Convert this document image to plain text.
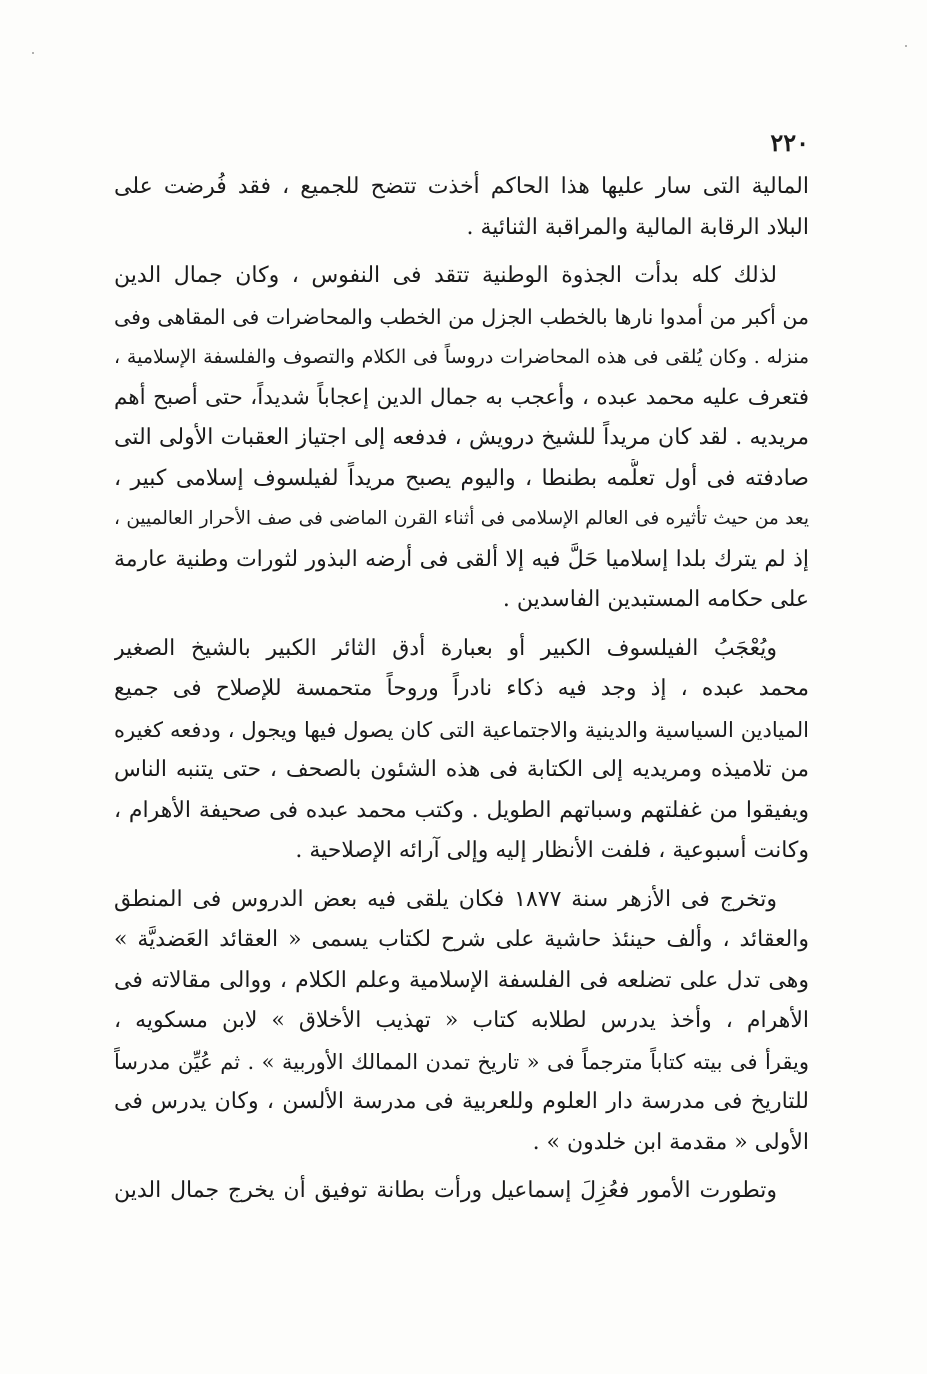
٢٢٠

المالية التى سار عليها هذا الحاكم أخذت تتضح للجميع ، فقد فُرضت على
البلاد الرقابة المالية والمراقبة الثنائية .
لذلك كله بدأت الجذوة الوطنية تتقد فى النفوس ، وكان جمال الدين
من أكبر من أمدوا نارها بالخطب الجزل من الخطب والمحاضرات فى المقاهى وفى
منزله . وكان يُلقى فى هذه المحاضرات دروساً فى الكلام والتصوف والفلسفة الإسلامية ،
فتعرف عليه محمد عبده ، وأعجب به جمال الدين إعجاباً شديداً، حتى أصبح أهم
مريديه . لقد كان مريداً للشيخ درويش ، فدفعه إلى اجتياز العقبات الأولى التى
صادفته فى أول تعلُّمه بطنطا ، واليوم يصبح مريداً لفيلسوف إسلامى كبير ،
يعد من حيث تأثيره فى العالم الإسلامى فى أثناء القرن الماضى فى صف الأحرار العالميين ،
إذ لم يترك بلدا إسلاميا حَلَّ فيه إلا ألقى فى أرضه البذور لثورات وطنية عارمة
على حكامه المستبدين الفاسدين .
ويُعْجَبُ الفيلسوف الكبير أو بعبارة أدق الثائر الكبير بالشيخ الصغير
محمد عبده ، إذ وجد فيه ذكاء نادراً وروحاً متحمسة للإصلاح فى جميع
الميادين السياسية والدينية والاجتماعية التى كان يصول فيها ويجول ، ودفعه كغيره
من تلاميذه ومريديه إلى الكتابة فى هذه الشئون بالصحف ، حتى يتنبه الناس
ويفيقوا من غفلتهم وسباتهم الطويل . وكتب محمد عبده فى صحيفة الأهرام ،
وكانت أسبوعية ، فلفت الأنظار إليه وإلى آرائه الإصلاحية .
وتخرج فى الأزهر سنة ١٨٧٧ فكان يلقى فيه بعض الدروس فى المنطق
والعقائد ، وألف حينئذ حاشية على شرح لكتاب يسمى « العقائد العَضديَّة »
وهى تدل على تضلعه فى الفلسفة الإسلامية وعلم الكلام ، ووالى مقالاته فى
الأهرام ، وأخذ يدرس لطلابه كتاب « تهذيب الأخلاق » لابن مسكويه ،
ويقرأ فى بيته كتاباً مترجماً فى « تاريخ تمدن الممالك الأوربية » . ثم عُيِّن مدرساً
للتاريخ فى مدرسة دار العلوم وللعربية فى مدرسة الألسن ، وكان يدرس فى
الأولى « مقدمة ابن خلدون » .
وتطورت الأمور فعُزِلَ إسماعيل ورأت بطانة توفيق أن يخرج جمال الدين
